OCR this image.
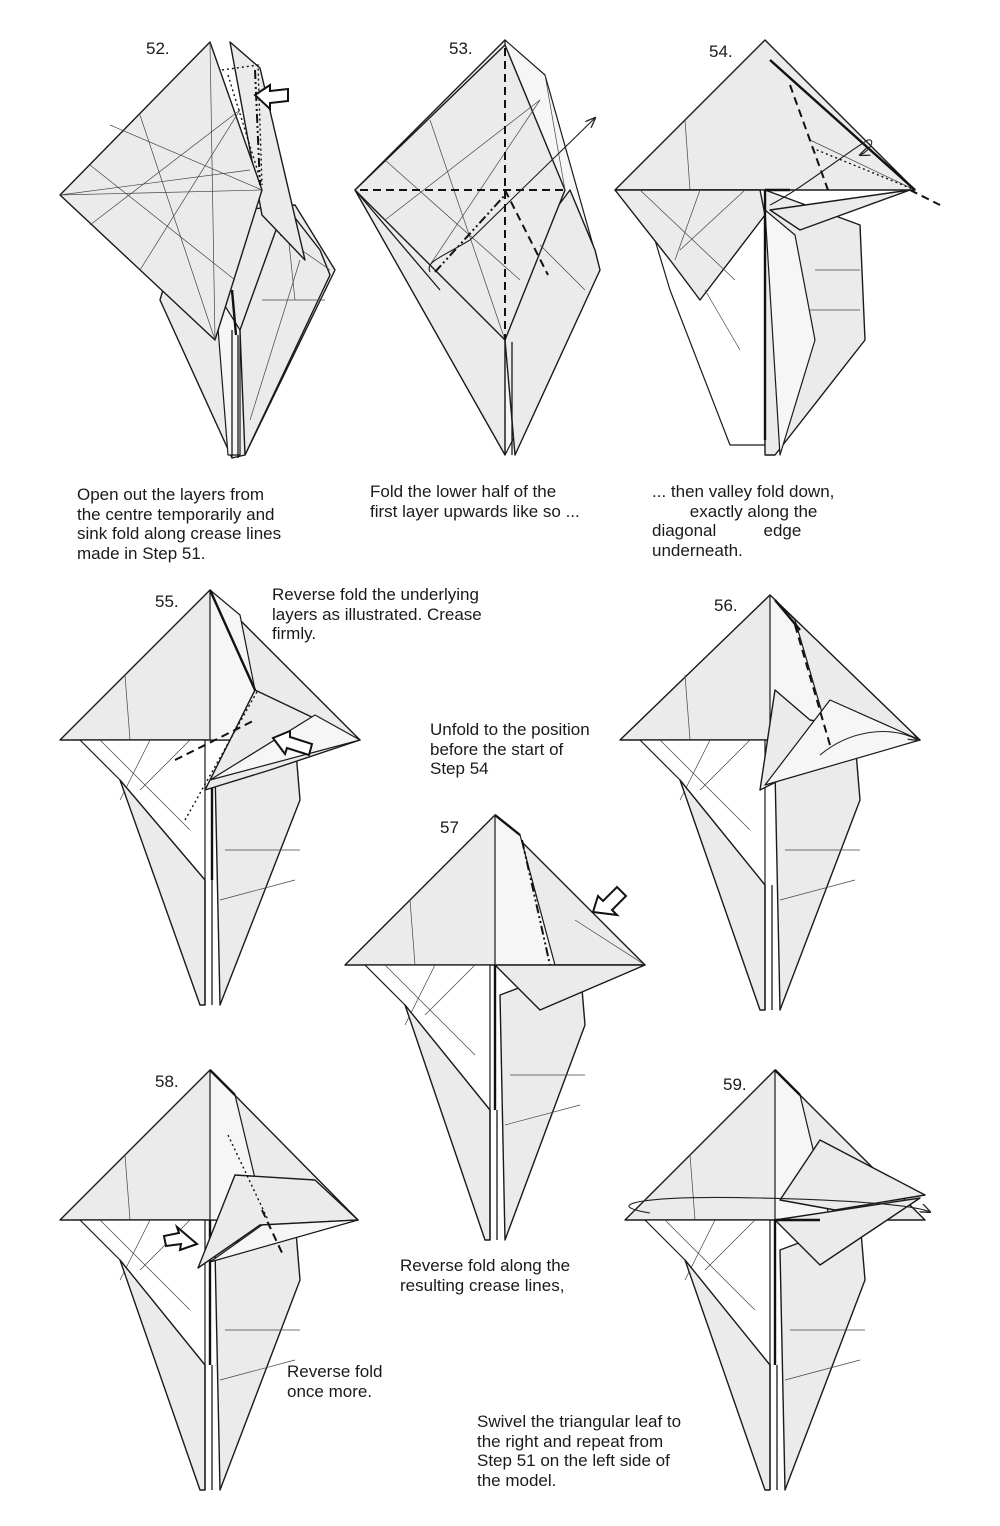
52.	53.	54.
55.	56.
57
58.	59.
Open out the layers from
the centre temporarily and
sink fold along crease lines
made in Step 51.
Fold the lower half of the
first layer upwards like so ...
... then valley fold down,
exactly along the
diagonal          edge
underneath.
Reverse fold the underlying
layers as illustrated. Crease
firmly.
Unfold to the position
before the start of
Step 54
Reverse fold along the
resulting crease lines,
Reverse fold
once more.
Swivel the triangular leaf to
the right and repeat from
Step 51 on the left side of
the model.
